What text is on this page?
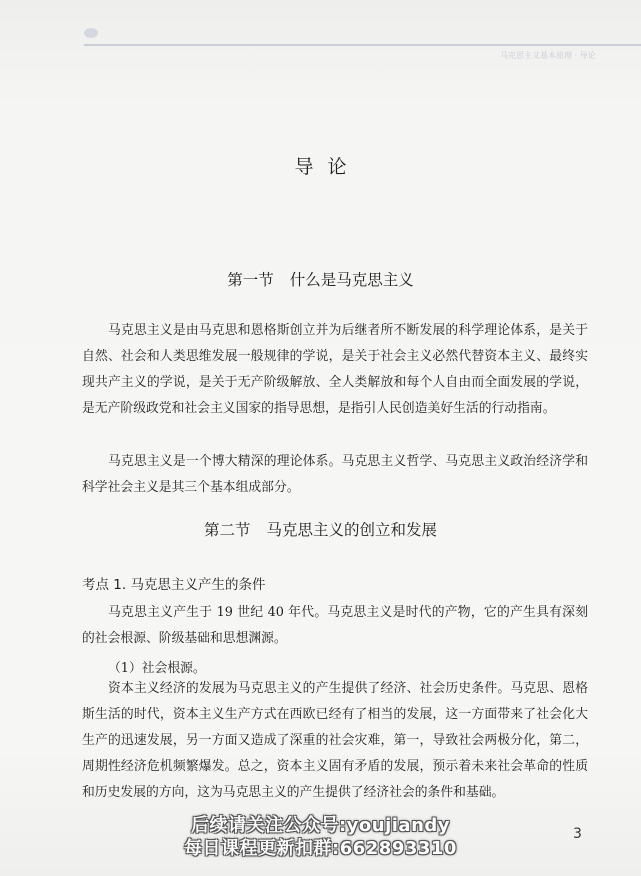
马克思主义基本原理 · 导论
导论
第一节 什么是马克思主义

马克思主义是由马克思和恩格斯创立并为后继者所不断发展的科学理论体系，是关于自然、社会和人类思维发展一般规律的学说，是关于社会主义必然代替资本主义、最终实现共产主义的学说，是关于无产阶级解放、全人类解放和每个人自由而全面发展的学说，是无产阶级政党和社会主义国家的指导思想，是指引人民创造美好生活的行动指南。

马克思主义是一个博大精深的理论体系。马克思主义哲学、马克思主义政治经济学和科学社会主义是其三个基本组成部分。

第二节 马克思主义的创立和发展
考点 1. 马克思主义产生的条件

马克思主义产生于 19 世纪 40 年代。马克思主义是时代的产物，它的产生具有深刻的社会根源、阶级基础和思想渊源。

（1）社会根源。

资本主义经济的发展为马克思主义的产生提供了经济、社会历史条件。马克思、恩格斯生活的时代，资本主义生产方式在西欧已经有了相当的发展，这一方面带来了社会化大生产的迅速发展，另一方面又造成了深重的社会灾难，第一，导致社会两极分化，第二，周期性经济危机频繁爆发。总之，资本主义固有矛盾的发展，预示着未来社会革命的性质和历史发展的方向，这为马克思主义的产生提供了经济社会的条件和基础。

3
后续请关注公众号:youjiandy
每日课程更新扣群:662893310
